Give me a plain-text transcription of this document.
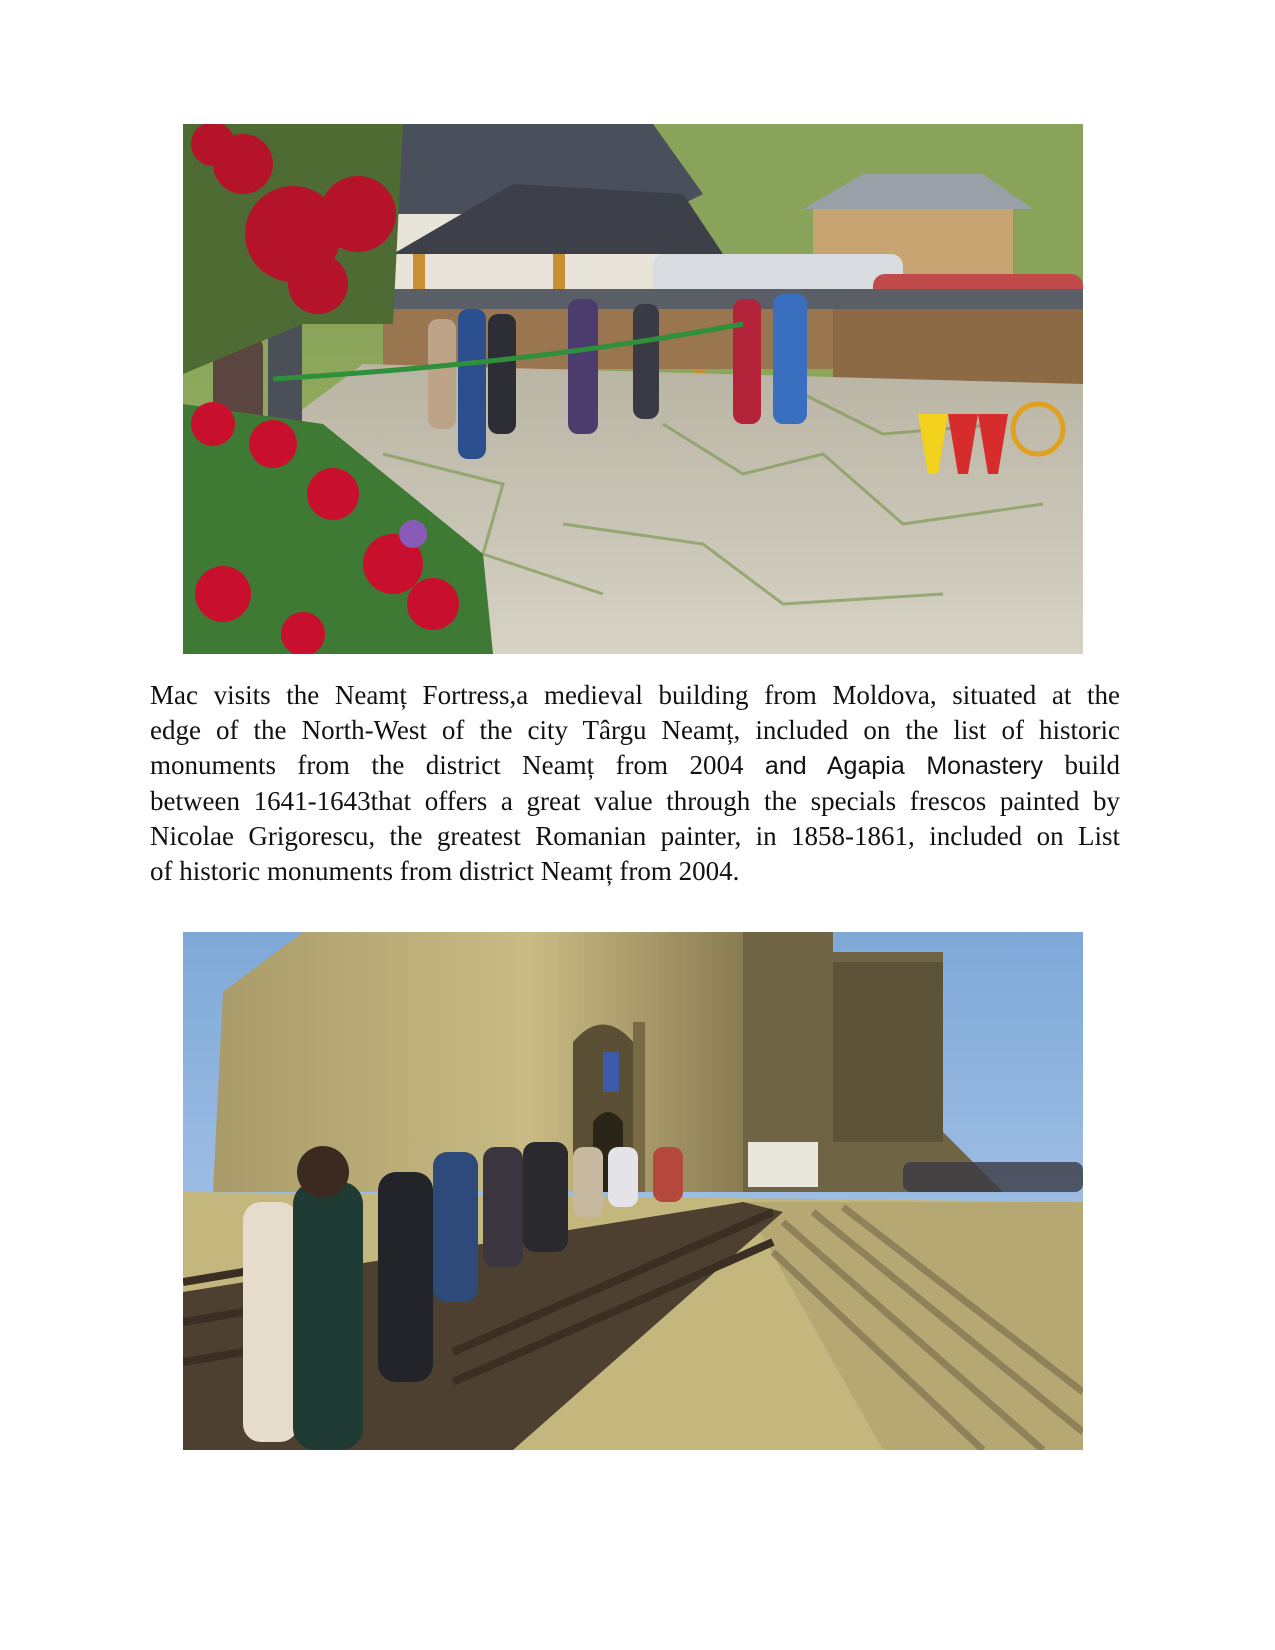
Mac visits the Neamț Fortress,a medieval building from Moldova, situated at the
edge of the North-West of the city Târgu Neamț, included on the list of historic
monuments from the district Neamț from 2004 and Agapia Monastery build
between 1641-1643that offers a great value through the specials frescos painted by
Nicolae Grigorescu, the greatest Romanian painter, in 1858-1861, included on List
of historic monuments from district Neamț from 2004.
